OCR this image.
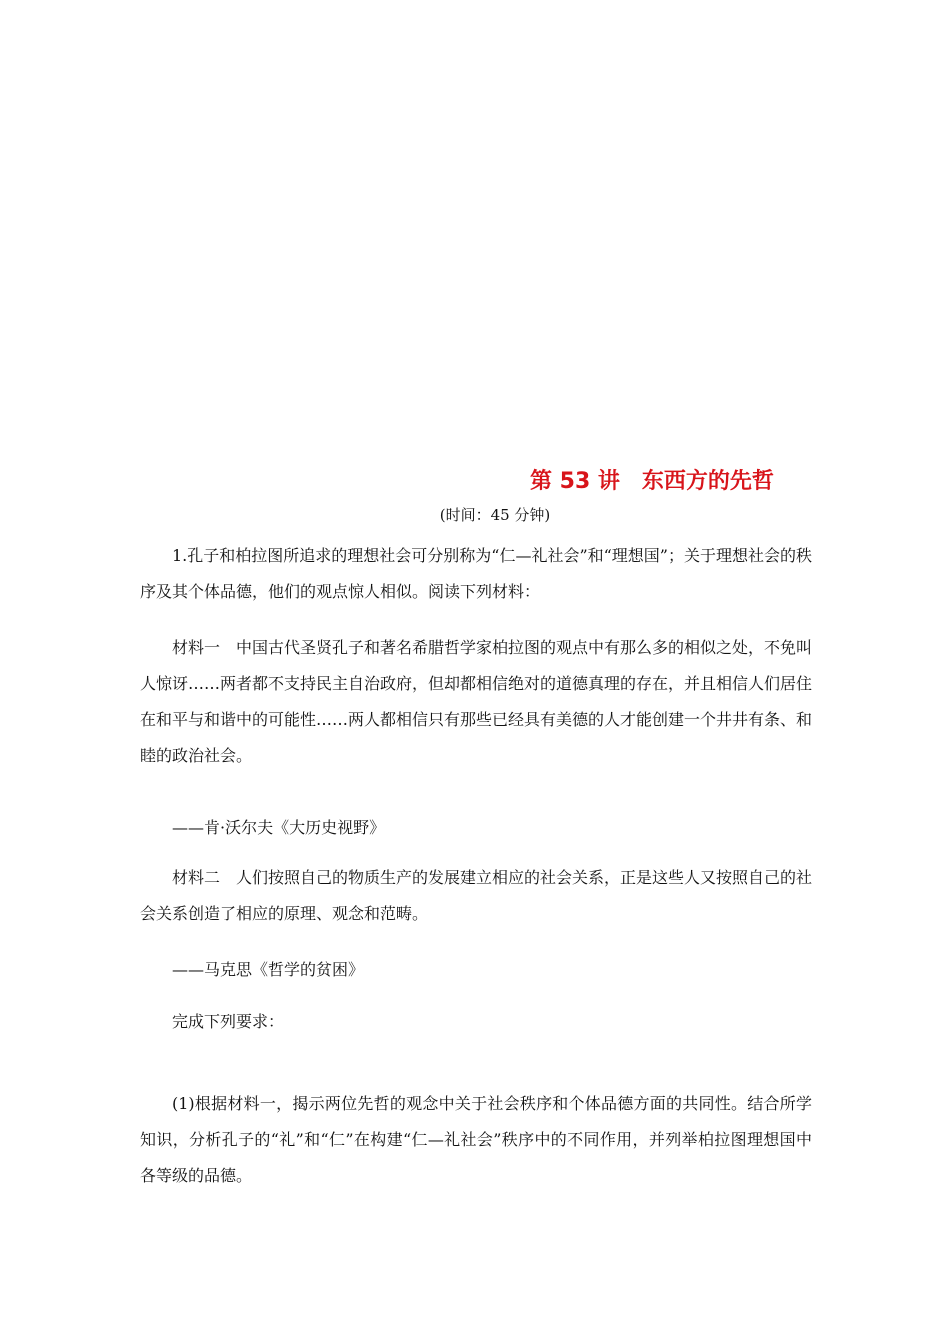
第 53 讲　东西方的先哲
(时间：45 分钟)
1.孔子和柏拉图所追求的理想社会可分别称为“仁—礼社会”和“理想国”；关于理想社会的秩序及其个体品德，他们的观点惊人相似。阅读下列材料：
材料一　中国古代圣贤孔子和著名希腊哲学家柏拉图的观点中有那么多的相似之处，不免叫人惊讶……两者都不支持民主自治政府，但却都相信绝对的道德真理的存在，并且相信人们居住在和平与和谐中的可能性……两人都相信只有那些已经具有美德的人才能创建一个井井有条、和睦的政治社会。
——肯·沃尔夫《大历史视野》
材料二　人们按照自己的物质生产的发展建立相应的社会关系，正是这些人又按照自己的社会关系创造了相应的原理、观念和范畴。
——马克思《哲学的贫困》
完成下列要求：
(1)根据材料一，揭示两位先哲的观念中关于社会秩序和个体品德方面的共同性。结合所学知识，分析孔子的“礼”和“仁”在构建“仁—礼社会”秩序中的不同作用，并列举柏拉图理想国中各等级的品德。
